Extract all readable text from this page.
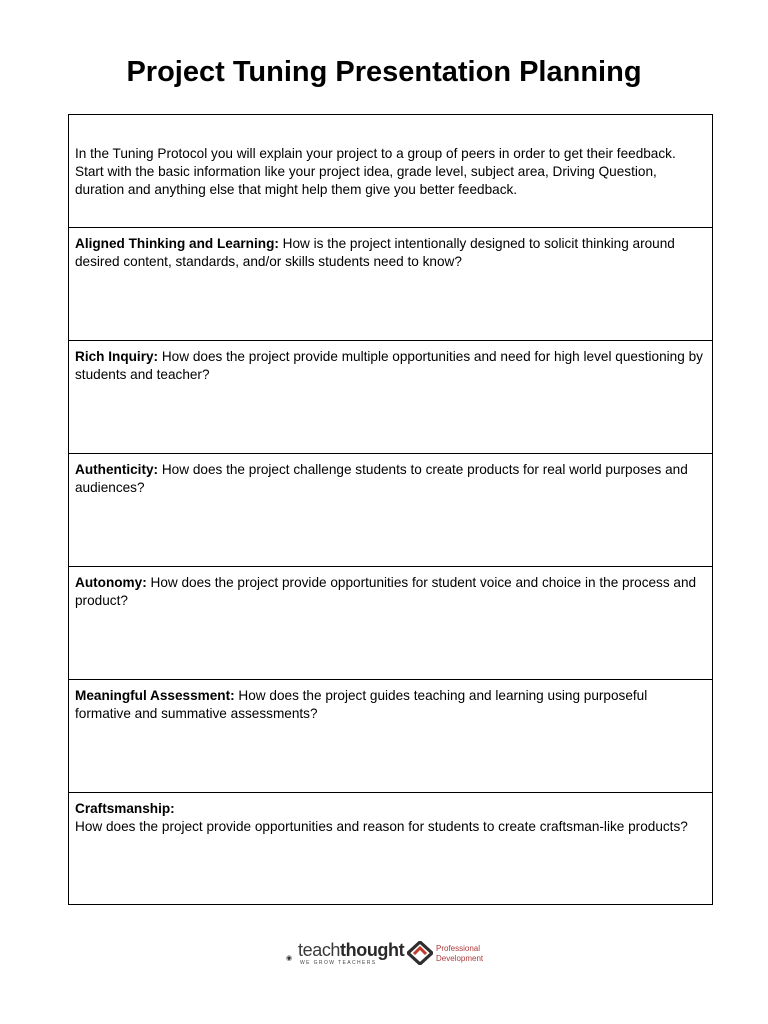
Project Tuning Presentation Planning
In the Tuning Protocol you will explain your project to a group of peers in order to get their feedback. Start with the basic information like your project idea, grade level, subject area, Driving Question, duration and anything else that might help them give you better feedback.
Aligned Thinking and Learning: How is the project intentionally designed to solicit thinking around desired content, standards, and/or skills students need to know?
Rich Inquiry: How does the project provide multiple opportunities and need for high level questioning by students and teacher?
Authenticity: How does the project challenge students to create products for real world purposes and audiences?
Autonomy: How does the project provide opportunities for student voice and choice in the process and product?
Meaningful Assessment: How does the project guides teaching and learning using purposeful formative and summative assessments?
Craftsmanship:
How does the project provide opportunities and reason for students to create craftsman-like products?
◉ teachthought
WE GROW TEACHERS
Professional
Development
